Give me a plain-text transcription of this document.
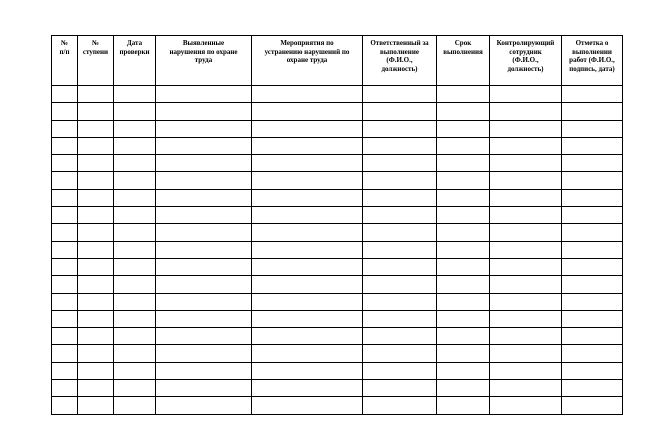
№
п/п	№
ступени	Дата
проверки	Выявленные
нарушения по охране
труда	Мероприятия по
устранению нарушений по
охране труда	Ответственный за
выполнение
(Ф.И.О.,
должность)	Срок
выполнения	Контролирующий
сотрудник
(Ф.И.О.,
должность)	Отметка о
выполнении
работ (Ф.И.О.,
подпись, дата)
